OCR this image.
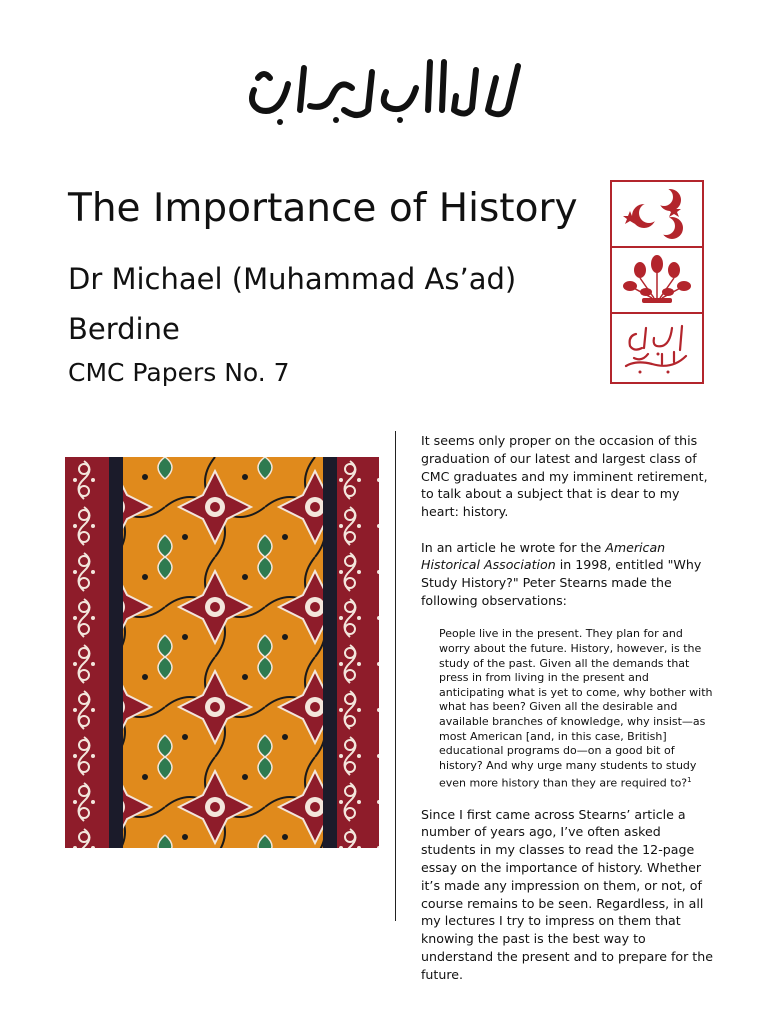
The Importance of History

Dr Michael (Muhammad As’ad) Berdine

CMC Papers No. 7

It seems only proper on the occasion of this graduation of our latest and largest class of CMC graduates and my imminent retirement, to talk about a subject that is dear to my heart: history.

In an article he wrote for the American Historical Association in 1998, entitled "Why Study History?" Peter Stearns made the following observations:

People live in the present. They plan for and worry about the future. History, however, is the study of the past. Given all the demands that press in from living in the present and anticipating what is yet to come, why bother with what has been? Given all the desirable and available branches of knowledge, why insist—as most American [and, in this case, British] educational programs do—on a good bit of history? And why urge many students to study even more history than they are required to?$^1$

Since I first came across Stearns’ article a number of years ago, I’ve often asked students in my classes to read the 12-page essay on the importance of history. Whether it’s made any impression on them, or not, of course remains to be seen. Regardless, in all my lectures I try to impress on them that knowing the past is the best way to understand the present and to prepare for the future.
